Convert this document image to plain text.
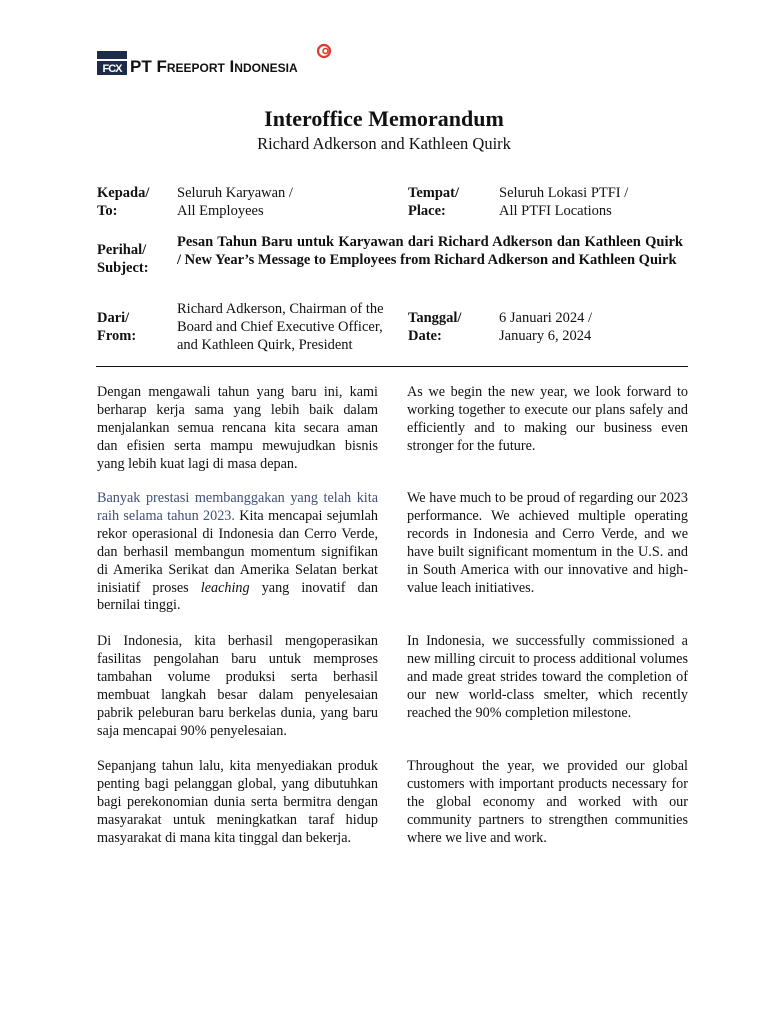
FCX PT Freeport Indonesia
Interoffice Memorandum
Richard Adkerson and Kathleen Quirk
Kepada/
To:
Seluruh Karyawan /
All Employees
Tempat/
Place:
Seluruh Lokasi PTFI /
All PTFI Locations
Perihal/
Subject:
Pesan Tahun Baru untuk Karyawan dari Richard Adkerson dan Kathleen Quirk / New Year’s Message to Employees from Richard Adkerson and Kathleen Quirk
Dari/
From:
Richard Adkerson, Chairman of the Board and Chief Executive Officer, and Kathleen Quirk, President
Tanggal/
Date:
6 Januari 2024 /
January 6, 2024

Dengan mengawali tahun yang baru ini, kami berharap kerja sama yang lebih baik dalam menjalankan semua rencana kita secara aman dan efisien serta mampu mewujudkan bisnis yang lebih kuat lagi di masa depan.

Banyak prestasi membanggakan yang telah kita raih selama tahun 2023. Kita mencapai sejumlah rekor operasional di Indonesia dan Cerro Verde, dan berhasil membangun momentum signifikan di Amerika Serikat dan Amerika Selatan berkat inisiatif proses leaching yang inovatif dan bernilai tinggi.

Di Indonesia, kita berhasil mengoperasikan fasilitas pengolahan baru untuk memproses tambahan volume produksi serta berhasil membuat langkah besar dalam penyelesaian pabrik peleburan baru berkelas dunia, yang baru saja mencapai 90% penyelesaian.

Sepanjang tahun lalu, kita menyediakan produk penting bagi pelanggan global, yang dibutuhkan bagi perekonomian dunia serta bermitra dengan masyarakat untuk meningkatkan taraf hidup masyarakat di mana kita tinggal dan bekerja.

As we begin the new year, we look forward to working together to execute our plans safely and efficiently and to making our business even stronger for the future.

We have much to be proud of regarding our 2023 performance. We achieved multiple operating records in Indonesia and Cerro Verde, and we have built significant momentum in the U.S. and in South America with our innovative and high-value leach initiatives.

In Indonesia, we successfully commissioned a new milling circuit to process additional volumes and made great strides toward the completion of our new world-class smelter, which recently reached the 90% completion milestone.

Throughout the year, we provided our global customers with important products necessary for the global economy and worked with our community partners to strengthen communities where we live and work.
